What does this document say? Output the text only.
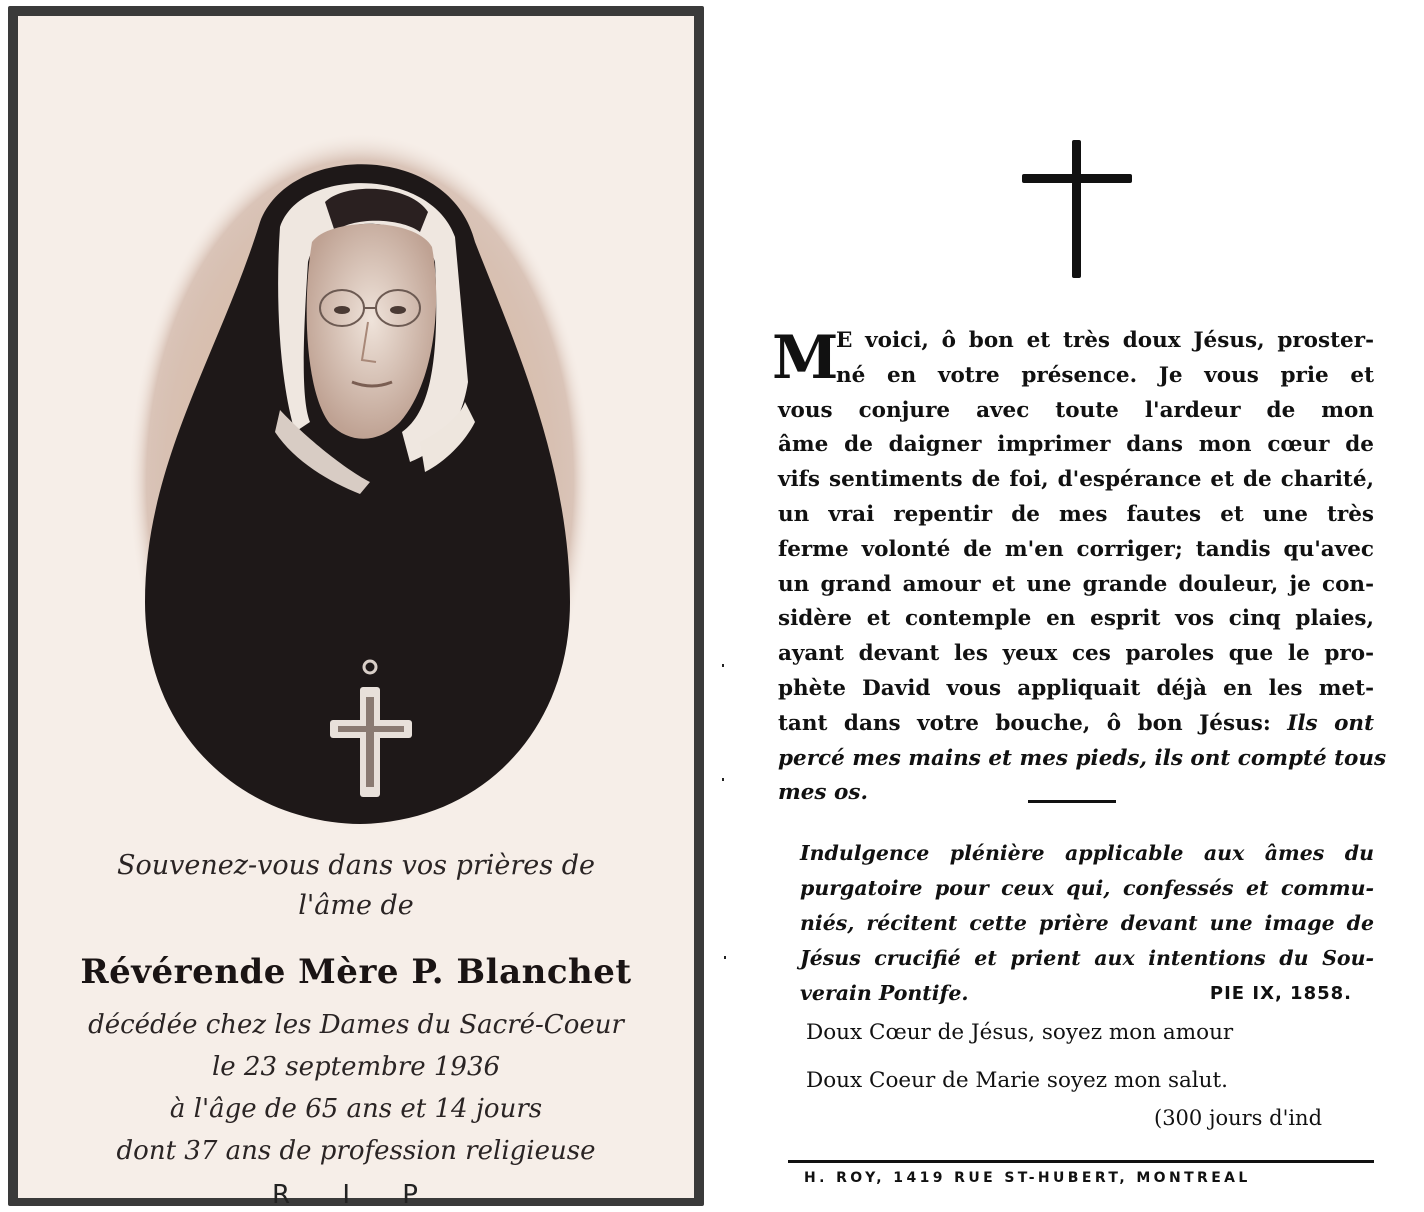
Souvenez-vous dans vos prières de
l'âme de
Révérende Mère P. Blanchet
décédée chez les Dames du Sacré-Coeur
le 23 septembre 1936
à l'âge de 65 ans et 14 jours
dont 37 ans de profession religieuse
R I P
M
E voici, ô bon et très doux Jésus, proster-
né en votre présence. Je vous prie et
vous conjure avec toute l'ardeur de mon
âme de daigner imprimer dans mon cœur de
vifs sentiments de foi, d'espérance et de charité,
un vrai repentir de mes fautes et une très
ferme volonté de m'en corriger; tandis qu'avec
un grand amour et une grande douleur, je con-
sidère et contemple en esprit vos cinq plaies,
ayant devant les yeux ces paroles que le pro-
phète David vous appliquait déjà en les met-
tant dans votre bouche, ô bon Jésus: Ils ont
percé mes mains et mes pieds, ils ont compté tous
mes os.
Indulgence plénière applicable aux âmes du
purgatoire pour ceux qui, confessés et commu-
niés, récitent cette prière devant une image de
Jésus crucifié et prient aux intentions du Sou-
verain Pontife.	PIE IX, 1858.
Doux Cœur de Jésus, soyez mon amour
Doux Coeur de Marie soyez mon salut.
(300 jours d'ind
H. ROY, 1419 RUE ST-HUBERT, MONTREAL
